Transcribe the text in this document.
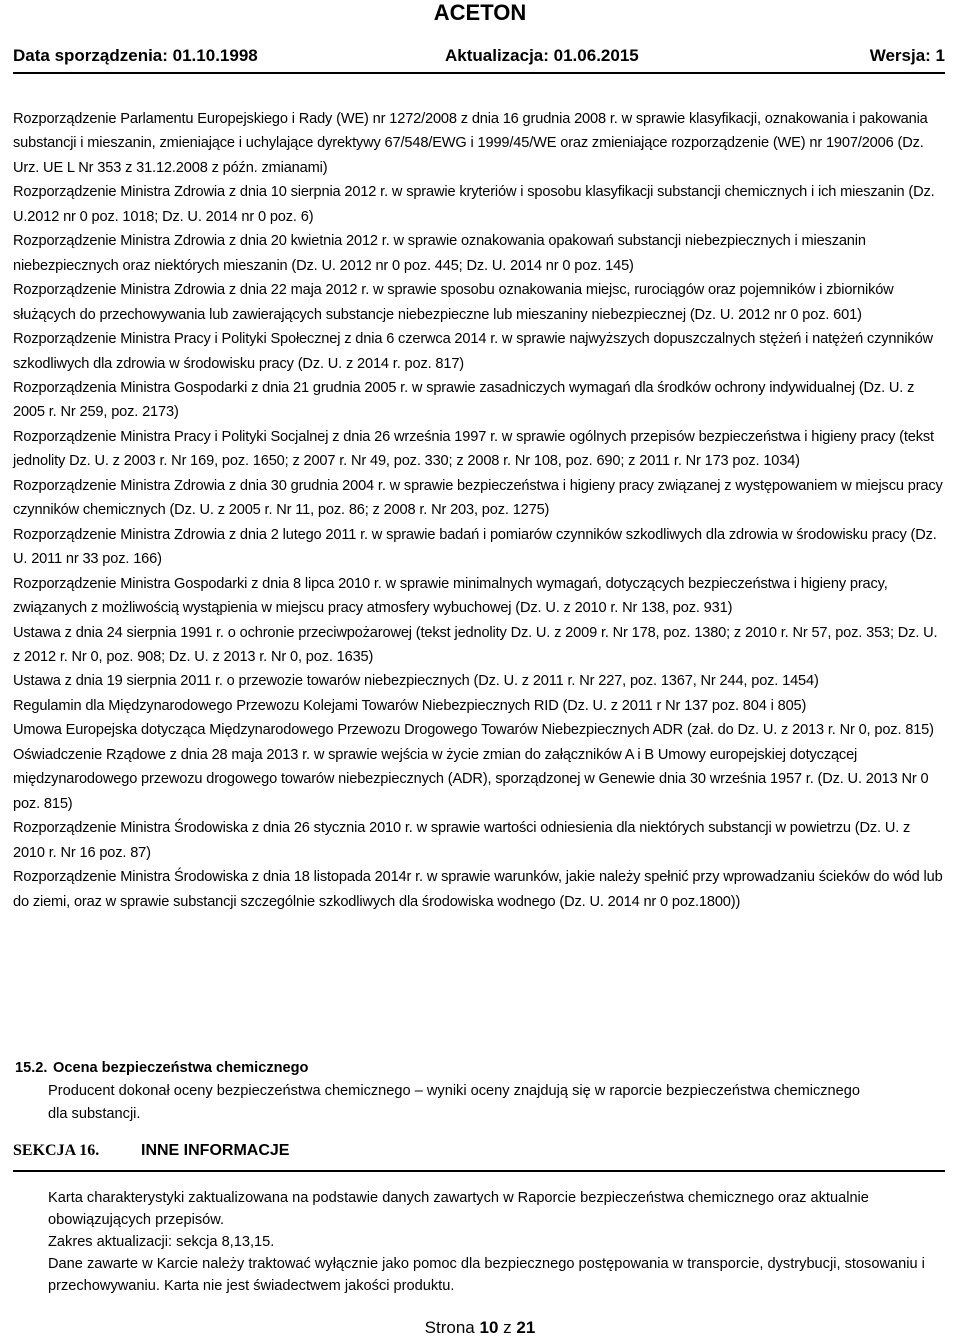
ACETON
Data sporządzenia: 01.10.1998	Aktualizacja: 01.06.2015	Wersja: 1

Rozporządzenie Parlamentu Europejskiego i Rady (WE) nr 1272/2008 z dnia 16 grudnia 2008 r. w sprawie klasyfikacji, oznakowania i pakowania substancji i mieszanin, zmieniające i uchylające dyrektywy 67/548/EWG i 1999/45/WE oraz zmieniające rozporządzenie (WE) nr 1907/2006 (Dz. Urz. UE L Nr 353 z 31.12.2008 z późn. zmianami)

Rozporządzenie Ministra Zdrowia z dnia 10 sierpnia 2012 r. w sprawie kryteriów i sposobu klasyfikacji substancji chemicznych i ich mieszanin (Dz. U.2012 nr 0 poz. 1018; Dz. U. 2014 nr 0 poz. 6)

Rozporządzenie Ministra Zdrowia z dnia 20 kwietnia 2012 r. w sprawie oznakowania opakowań substancji niebezpiecznych i mieszanin niebezpiecznych oraz niektórych mieszanin (Dz. U. 2012 nr 0 poz. 445; Dz. U. 2014 nr 0 poz. 145)

Rozporządzenie Ministra Zdrowia z dnia 22 maja 2012 r. w sprawie sposobu oznakowania miejsc, rurociągów oraz pojemników i zbiorników służących do przechowywania lub zawierających substancje niebezpieczne lub mieszaniny niebezpiecznej (Dz. U. 2012 nr 0 poz. 601)

Rozporządzenie Ministra Pracy i Polityki Społecznej z dnia 6 czerwca 2014 r. w sprawie najwyższych dopuszczalnych stężeń i natężeń czynników szkodliwych dla zdrowia w środowisku pracy (Dz. U. z 2014 r. poz. 817)

Rozporządzenia Ministra Gospodarki z dnia 21 grudnia 2005 r. w sprawie zasadniczych wymagań dla środków ochrony indywidualnej (Dz. U. z 2005 r. Nr 259, poz. 2173)

Rozporządzenie Ministra Pracy i Polityki Socjalnej z dnia 26 września 1997 r. w sprawie ogólnych przepisów bezpieczeństwa i higieny pracy (tekst jednolity Dz. U. z 2003 r. Nr 169, poz. 1650; z 2007 r. Nr 49, poz. 330; z 2008 r. Nr 108, poz. 690; z 2011 r. Nr 173 poz. 1034)

Rozporządzenie Ministra Zdrowia z dnia 30 grudnia 2004 r. w sprawie bezpieczeństwa i higieny pracy związanej z występowaniem w miejscu pracy czynników chemicznych (Dz. U. z 2005 r. Nr 11, poz. 86; z 2008 r. Nr 203, poz. 1275)

Rozporządzenie Ministra Zdrowia z dnia 2 lutego 2011 r. w sprawie badań i pomiarów czynników szkodliwych dla zdrowia w środowisku pracy (Dz. U. 2011 nr 33 poz. 166)

Rozporządzenie Ministra Gospodarki z dnia 8 lipca 2010 r. w sprawie minimalnych wymagań, dotyczących bezpieczeństwa i higieny pracy, związanych z możliwością wystąpienia w miejscu pracy atmosfery wybuchowej (Dz. U. z 2010 r. Nr 138, poz. 931)

Ustawa z dnia 24 sierpnia 1991 r. o ochronie przeciwpożarowej (tekst jednolity Dz. U. z 2009 r. Nr 178, poz. 1380; z 2010 r. Nr 57, poz. 353; Dz. U. z 2012 r. Nr 0, poz. 908; Dz. U. z 2013 r. Nr 0, poz. 1635)

Ustawa z dnia 19 sierpnia 2011 r. o przewozie towarów niebezpiecznych (Dz. U. z 2011 r. Nr 227, poz. 1367, Nr 244, poz. 1454)

Regulamin dla Międzynarodowego Przewozu Kolejami Towarów Niebezpiecznych RID (Dz. U. z 2011 r Nr 137 poz. 804 i 805)

Umowa Europejska dotycząca Międzynarodowego Przewozu Drogowego Towarów Niebezpiecznych ADR (zał. do Dz. U. z 2013 r. Nr 0, poz. 815)

Oświadczenie Rządowe z dnia 28 maja 2013 r. w sprawie wejścia w życie zmian do załączników A i B Umowy europejskiej dotyczącej międzynarodowego przewozu drogowego towarów niebezpiecznych (ADR), sporządzonej w Genewie dnia 30 września 1957 r. (Dz. U. 2013 Nr 0 poz. 815)

Rozporządzenie Ministra Środowiska z dnia 26 stycznia 2010 r. w sprawie wartości odniesienia dla niektórych substancji w powietrzu (Dz. U. z 2010 r. Nr 16 poz. 87)

Rozporządzenie Ministra Środowiska z dnia 18 listopada 2014r r. w sprawie warunków, jakie należy spełnić przy wprowadzaniu ścieków do wód lub do ziemi, oraz w sprawie substancji szczególnie szkodliwych dla środowiska wodnego (Dz. U. 2014 nr 0 poz.1800))

15.2. Ocena bezpieczeństwa chemicznego
Producent dokonał oceny bezpieczeństwa chemicznego – wyniki oceny znajdują się w raporcie bezpieczeństwa chemicznego dla substancji.
SEKCJA 16.	INNE INFORMACJE

Karta charakterystyki zaktualizowana na podstawie danych zawartych w Raporcie bezpieczeństwa chemicznego oraz aktualnie obowiązujących przepisów.

Zakres aktualizacji: sekcja 8,13,15.

Dane zawarte w Karcie należy traktować wyłącznie jako pomoc dla bezpiecznego postępowania w transporcie, dystrybucji, stosowaniu i przechowywaniu. Karta nie jest świadectwem jakości produktu.

Strona 10 z 21
